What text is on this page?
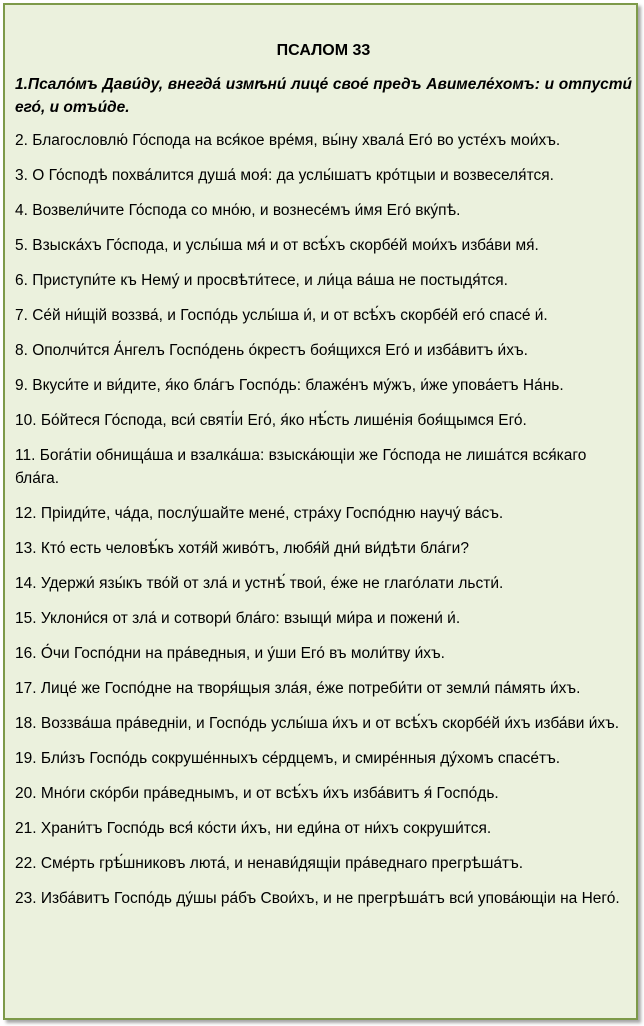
ПСАЛОМ 33
1.Псало́мъ Дави́ду, внегда́ измѣни́ лице́ свое́ предъ Авимеле́хомъ: и отпусти́ его́, и отъи́де.
2. Благословлю́ Го́спода на вся́кое вре́мя, вы́ну хвала́ Его́ во усте́хъ мои́хъ.
3. О Го́сподѣ похва́лится душа́ моя́: да услы́шатъ кро́тцыи и возвеселя́тся.
4. Возвели́чите Го́спода со мно́ю, и вознесе́мъ и́мя Его́ вку́пѣ.
5. Взыска́хъ Го́спода, и услы́ша мя́ и от всѣ́хъ скорбе́й мои́хъ изба́ви мя́.
6. Приступи́те къ Нему́ и просвѣти́тесе, и ли́ца ва́ша не постыдя́тся.
7. Се́й ни́щій воззва́, и Госпо́дь услы́ша и́, и от всѣ́хъ скорбе́й его́ спасе́ и́.
8. Ополчи́тся А́нгелъ Госпо́день о́крестъ боя́щихся Его́ и изба́витъ и́хъ.
9. Вкуси́те и ви́дите, я́ко бла́гъ Госпо́дь: блаже́нъ му́жъ, и́же упова́етъ На́нь.
10. Бо́йтеся Го́спода, вси́ святі́и Его́, я́ко нѣ́сть лише́нія боя́щымся Его́.
11. Бога́тіи обнища́ша и взалка́ша: взыска́ющіи же Го́спода не лиша́тся вся́каго бла́га.
12. Пріиди́те, ча́да, послу́шайте мене́, стра́ху Госпо́дню научу́ ва́съ.
13. Кто́ есть человѣ́къ хотя́й живо́тъ, любя́й дни́ ви́дѣти бла́ги?
14. Удержи́ язы́къ тво́й от зла́ и устнѣ́ твои́, е́же не глаго́лати льсти́.
15. Уклони́ся от зла́ и сотвори́ бла́го: взыщи́ ми́ра и пожени́ и́.
16. О́чи Госпо́дни на пра́ведныя, и у́ши Его́ въ моли́тву и́хъ.
17. Лице́ же Госпо́дне на творя́щыя зла́я, е́же потреби́ти от земли́ па́мять и́хъ.
18. Воззва́ша пра́ведніи, и Госпо́дь услы́ша и́хъ и от всѣ́хъ скорбе́й и́хъ изба́ви и́хъ.
19. Бли́зъ Госпо́дь сокруше́нныхъ се́рдцемъ, и смире́нныя ду́хомъ спасе́тъ.
20. Мно́ги ско́рби пра́веднымъ, и от всѣ́хъ и́хъ изба́витъ я́ Госпо́дь.
21. Храни́тъ Госпо́дь вся́ ко́сти и́хъ, ни еди́на от ни́хъ сокруши́тся.
22. Сме́рть грѣ́шниковъ люта́, и ненави́дящіи пра́веднаго прегрѣша́тъ.
23. Изба́витъ Госпо́дь ду́шы ра́бъ Свои́хъ, и не прегрѣша́тъ вси́ упова́ющіи на Него́.
